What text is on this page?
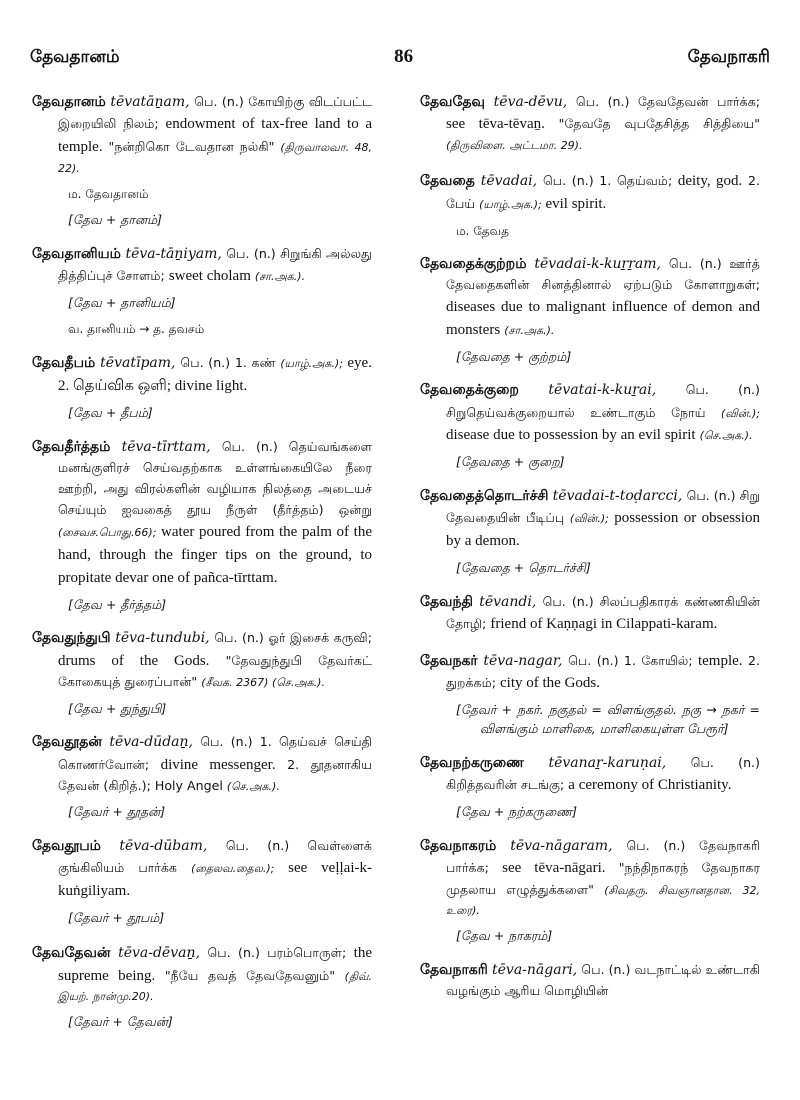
தேவதானம்	86	தேவநாகரி

தேவதானம் tēvatāṉam, பெ. (n.) கோயிற்கு விடப்பட்ட இறையிலி நிலம்; endowment of tax-free land to a temple. "நன்றிகொ டேவதான நல்கி" (திருவாலவா. 48, 22).

ம. தேவதானம்

[தேவ + தானம்]

தேவதானியம் tēva-tāṉiyam, பெ. (n.) சிறுங்கி அல்லது தித்திப்புச் சோளம்; sweet cholam (சா.அக.).

[தேவ + தானியம்]

வ. தானியம் → த. தவசம்

தேவதீபம் tēvatīpam, பெ. (n.) 1. கண் (யாழ்.அக.); eye. 2. தெய்விக ஒளி; divine light.

[தேவ + தீபம்]

தேவதீர்த்தம் tēva-tīrttam, பெ. (n.) தெய்வங்களை மனங்குளிரச் செய்வதற்காக உள்ளங்கையிலே நீரை ஊற்றி, அது விரல்களின் வழியாக நிலத்தை அடையச் செய்யும் ஐவகைத் தூய நீருள் (தீர்த்தம்) ஒன்று (சைவச.பொது.66); water poured from the palm of the hand, through the finger tips on the ground, to propitate devar one of pañca-tīrttam.

[தேவ + தீர்த்தம்]

தேவதுந்துபி tēva-tundubi, பெ. (n.) ஓர் இசைக் கருவி; drums of the Gods. "தேவதுந்துபி தேவர்கட் கோகையுத் துரைப்பான்" (சீவக. 2367) (செ.அக.).

[தேவ + துந்துபி]

தேவதூதன் tēva-dūdaṉ, பெ. (n.) 1. தெய்வச் செய்தி கொணர்வோன்; divine messenger. 2. தூதனாகிய தேவன் (கிறித்.); Holy Angel (செ.அக.).

[தேவர் + தூதன்]

தேவதூபம் tēva-dūbam, பெ. (n.) வெள்ளைக் குங்கிலியம் பார்க்க (தைலவ.தைல.); see veḷḷai-k-kuṅgiliyam.

[தேவர் + தூபம்]

தேவதேவன் tēva-dēvaṉ, பெ. (n.) பரம்பொருள்; the supreme being. "நீயே தவத் தேவதேவனும்" (திவ். இயற். நான்மு.20).

[தேவர் + தேவன்]

தேவதேவு tēva-dēvu, பெ. (n.) தேவதேவன் பார்க்க; see tēva-tēvaṉ. "தேவதே வுபதேசித்த சித்தியை" (திருவிளை. அட்டமா. 29).

தேவதை tēvadai, பெ. (n.) 1. தெய்வம்; deity, god. 2. பேய் (யாழ்.அக.); evil spirit.

ம. தேவத

தேவதைக்குற்றம் tēvadai-k-kuṟṟam, பெ. (n.) ஊர்த் தேவதைகளின் சினத்தினால் ஏற்படும் கோளாறுகள்; diseases due to malignant influence of demon and monsters (சா.அக.).

[தேவதை + குற்றம்]

தேவதைக்குறை tēvatai-k-kuṟai, பெ. (n.) சிறுதெய்வக்குறையால் உண்டாகும் நோய் (வின்.); disease due to possession by an evil spirit (செ.அக.).

[தேவதை + குறை]

தேவதைத்தொடர்ச்சி tēvadai-t-toḍarcci, பெ. (n.) சிறு தேவதையின் பீடிப்பு (வின்.); possession or obsession by a demon.

[தேவதை + தொடர்ச்சி]

தேவந்தி tēvandi, பெ. (n.) சிலப்பதிகாரக் கண்ணகியின் தோழி; friend of Kaṇṇagi in Cilappati-karam.

தேவநகர் tēva-nagar, பெ. (n.) 1. கோயில்; temple. 2. துறக்கம்; city of the Gods.

[தேவர் + நகர். நகுதல் = விளங்குதல். நகு → நகர் = விளங்கும் மாளிகை, மாளிகையுள்ள பேரூர்]

தேவநற்கருணை tēvanaṟ-karuṇai, பெ. (n.) கிறித்தவரின் சடங்கு; a ceremony of Christianity.

[தேவ + நற்கருணை]

தேவநாகரம் tēva-nāgaram, பெ. (n.) தேவநாகரி பார்க்க; see tēva-nāgari. "நந்திநாகரந் தேவநாகர முதலாய எழுத்துக்களை" (சிவதரு. சிவஞானதான. 32, உரை).

[தேவ + நாகரம்]

தேவநாகரி tēva-nāgari, பெ. (n.) வடநாட்டில் உண்டாகி வழங்கும் ஆரிய மொழியின்
